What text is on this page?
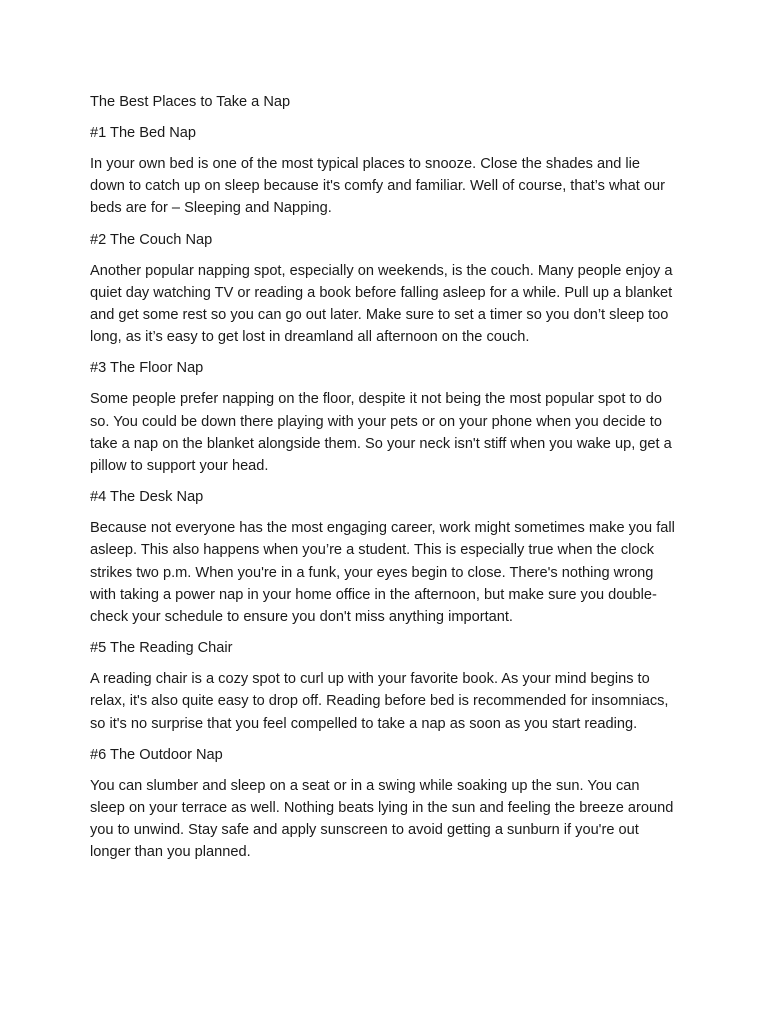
The Best Places to Take a Nap
#1 The Bed Nap

In your own bed is one of the most typical places to snooze. Close the shades and lie down to catch up on sleep because it's comfy and familiar. Well of course, that’s what our beds are for – Sleeping and Napping.

#2 The Couch Nap

Another popular napping spot, especially on weekends, is the couch. Many people enjoy a quiet day watching TV or reading a book before falling asleep for a while. Pull up a blanket and get some rest so you can go out later. Make sure to set a timer so you don’t sleep too long, as it’s easy to get lost in dreamland all afternoon on the couch.

#3 The Floor Nap

Some people prefer napping on the floor, despite it not being the most popular spot to do so. You could be down there playing with your pets or on your phone when you decide to take a nap on the blanket alongside them. So your neck isn't stiff when you wake up, get a pillow to support your head.

#4 The Desk Nap

Because not everyone has the most engaging career, work might sometimes make you fall asleep. This also happens when you’re a student. This is especially true when the clock strikes two p.m. When you're in a funk, your eyes begin to close. There's nothing wrong with taking a power nap in your home office in the afternoon, but make sure you double-check your schedule to ensure you don't miss anything important.

#5 The Reading Chair

A reading chair is a cozy spot to curl up with your favorite book. As your mind begins to relax, it's also quite easy to drop off. Reading before bed is recommended for insomniacs, so it's no surprise that you feel compelled to take a nap as soon as you start reading.

#6 The Outdoor Nap

You can slumber and sleep on a seat or in a swing while soaking up the sun. You can sleep on your terrace as well. Nothing beats lying in the sun and feeling the breeze around you to unwind. Stay safe and apply sunscreen to avoid getting a sunburn if you're out longer than you planned.
